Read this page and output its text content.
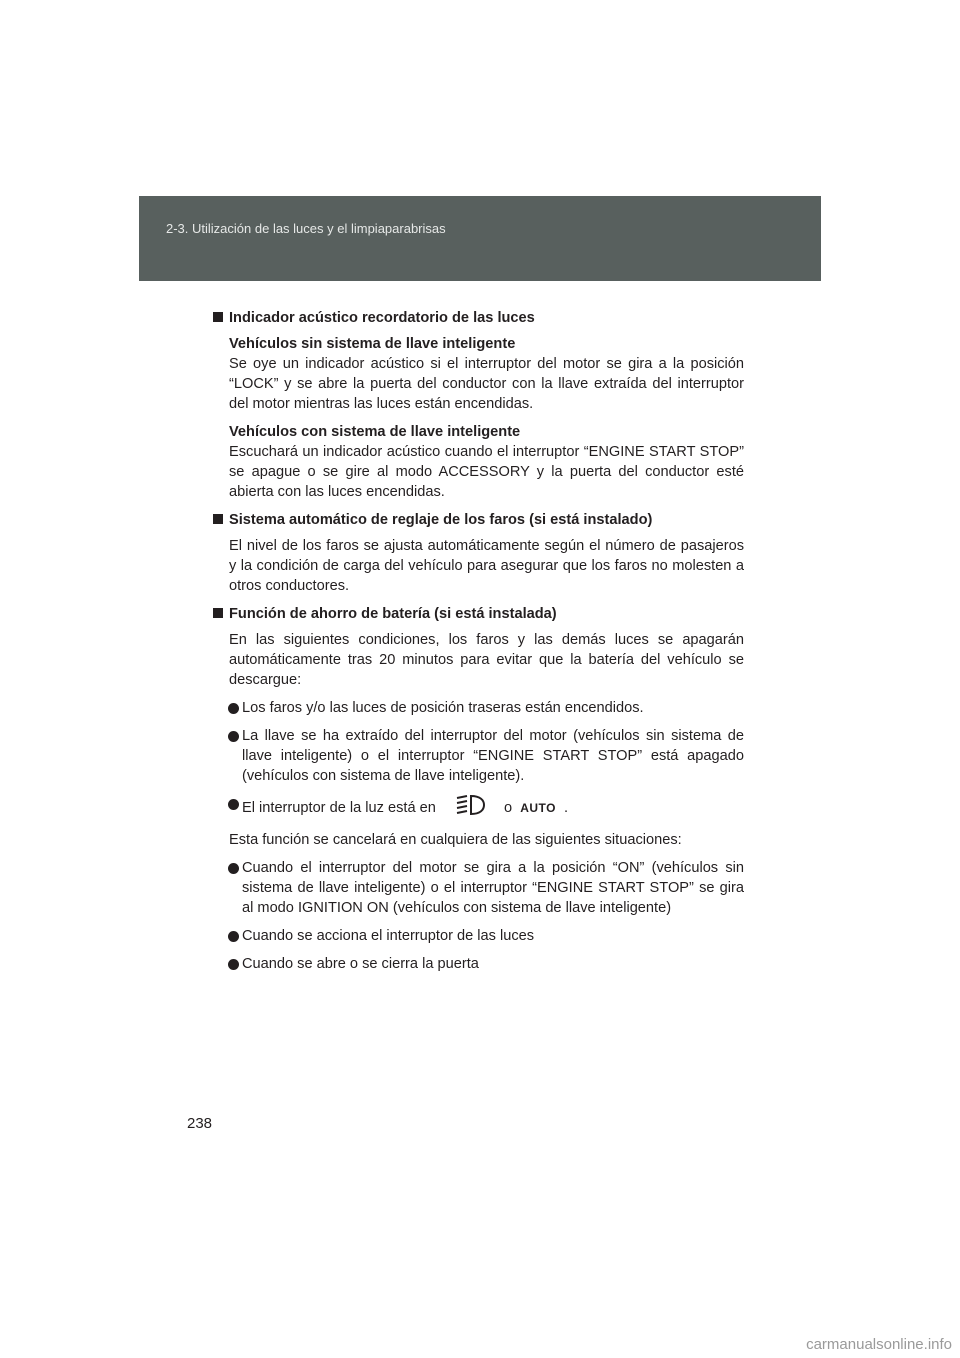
2-3. Utilización de las luces y el limpiaparabrisas
Indicador acústico recordatorio de las luces
Vehículos sin sistema de llave inteligente

Se oye un indicador acústico si el interruptor del motor se gira a la posición “LOCK” y se abre la puerta del conductor con la llave extraída del interruptor del motor mientras las luces están encendidas.

Vehículos con sistema de llave inteligente

Escuchará un indicador acústico cuando el interruptor “ENGINE START STOP” se apague o se gire al modo ACCESSORY y la puerta del conductor esté abierta con las luces encendidas.

Sistema automático de reglaje de los faros (si está instalado)

El nivel de los faros se ajusta automáticamente según el número de pasajeros y la condición de carga del vehículo para asegurar que los faros no molesten a otros conductores.

Función de ahorro de batería (si está instalada)

En las siguientes condiciones, los faros y las demás luces se apagarán automáticamente tras 20 minutos para evitar que la batería del vehículo se descargue:

Los faros y/o las luces de posición traseras están encendidos.
La llave se ha extraído del interruptor del motor (vehículos sin sistema de llave inteligente) o el interruptor “ENGINE START STOP” está apagado (vehículos con sistema de llave inteligente).
El interruptor de la luz está en	o AUTO .

Esta función se cancelará en cualquiera de las siguientes situaciones:

Cuando el interruptor del motor se gira a la posición “ON” (vehículos sin sistema de llave inteligente) o el interruptor “ENGINE START STOP” se gira al modo IGNITION ON (vehículos con sistema de llave inteligente)
Cuando se acciona el interruptor de las luces
Cuando se abre o se cierra la puerta
238
carmanualsonline.info
